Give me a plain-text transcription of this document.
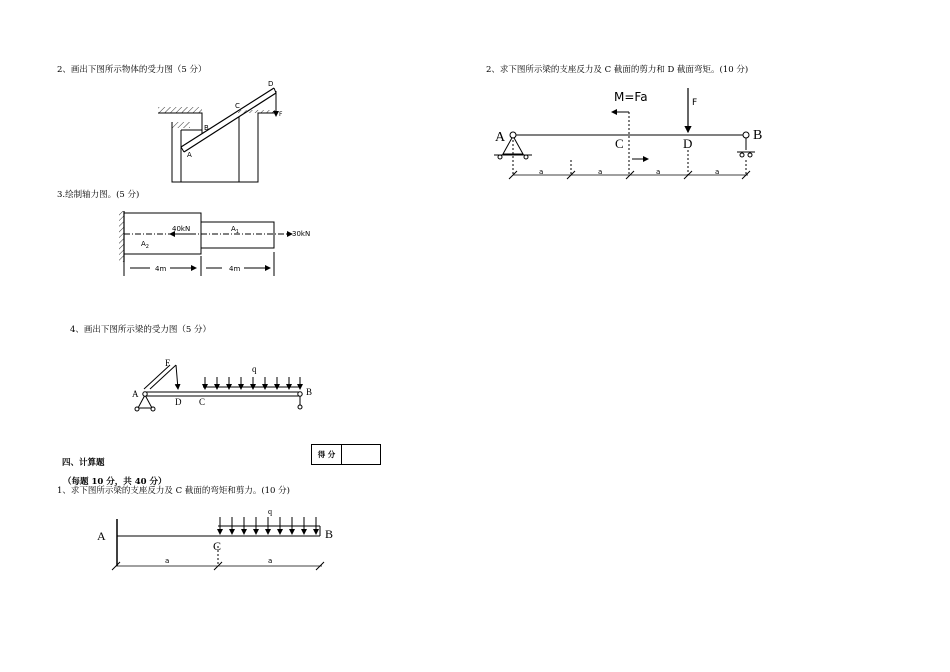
2、画出下图所示物体的受力图（5 分）
3.绘制轴力图。(5 分)
4、画出下图所示梁的受力图（5 分）
四、计算题
（每题 10 分，共 40 分）
1、求下图所示梁的支座反力及 C 截面的弯矩和剪力。(10 分)
2、求下图所示梁的支座反力及 C 截面的剪力和 D 截面弯矩。(10 分)
得 分
D
C
B
A
F
40kN
30kN
$A_1$
$A_2$
4m	4m
F
q
A
D C
B
A
C
B
q
a	a
M=Fa	F
A	C	D
B
a	a	a	a
